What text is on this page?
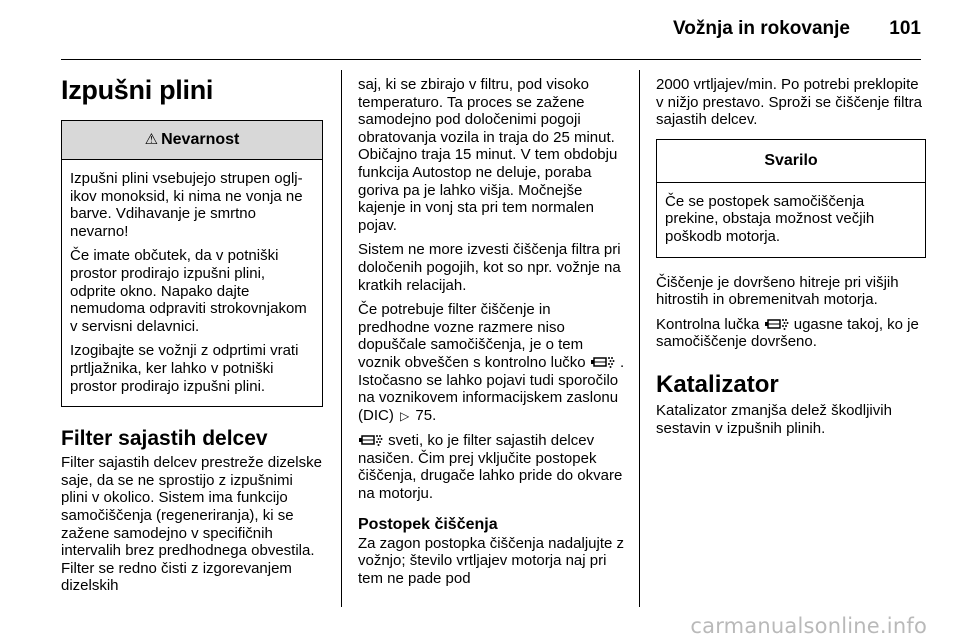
Vožnja in rokovanje 101
Izpušni plini
⚠ Nevarnost

Izpušni plini vsebujejo strupen ogljikov monoksid, ki nima ne vonja ne barve. Vdihavanje je smrtno nevarno!

Če imate občutek, da v potniški prostor prodirajo izpušni plini, odprite okno. Napako dajte nemudoma odpraviti strokovnjakom v servisni delavnici.

Izogibajte se vožnji z odprtimi vrati prtljažnika, ker lahko v potniški prostor prodirajo izpušni plini.

Filter sajastih delcev

Filter sajastih delcev prestreže dizelske saje, da se ne sprostijo z izpušnimi plini v okolico. Sistem ima funkcijo samočiščenja (regeneriranja), ki se zažene samodejno v specifičnih intervalih brez predhodnega obvestila. Filter se redno čisti z izgorevanjem dizelskih

saj, ki se zbirajo v filtru, pod visoko temperaturo. Ta proces se zažene samodejno pod določenimi pogoji obratovanja vozila in traja do 25 minut. Običajno traja 15 minut. V tem obdobju funkcija Autostop ne deluje, poraba goriva pa je lahko višja. Močnejše kajenje in vonj sta pri tem normalen pojav.

Sistem ne more izvesti čiščenja filtra pri določenih pogojih, kot so npr. vožnje na kratkih relacijah.

Če potrebuje filter čiščenje in predhodne vozne razmere niso dopuščale samočiščenja, je o tem voznik obveščen s kontrolno lučko . Istočasno se lahko pojavi tudi sporočilo na voznikovem informacijskem zaslonu (DIC) ▷ 75.

sveti, ko je filter sajastih delcev nasičen. Čim prej vključite postopek čiščenja, drugače lahko pride do okvare na motorju.

Postopek čiščenja

Za zagon postopka čiščenja nadaljujte z vožnjo; število vrtljajev motorja naj pri tem ne pade pod

2000 vrtljajev/min. Po potrebi preklopite v nižjo prestavo. Sproži se čiščenje filtra sajastih delcev.

Svarilo

Če se postopek samočiščenja prekine, obstaja možnost večjih poškodb motorja.

Čiščenje je dovršeno hitreje pri višjih hitrostih in obremenitvah motorja.

Kontrolna lučka ugasne takoj, ko je samočiščenje dovršeno.

Katalizator

Katalizator zmanjša delež škodljivih sestavin v izpušnih plinih.

carmanualsonline.info
